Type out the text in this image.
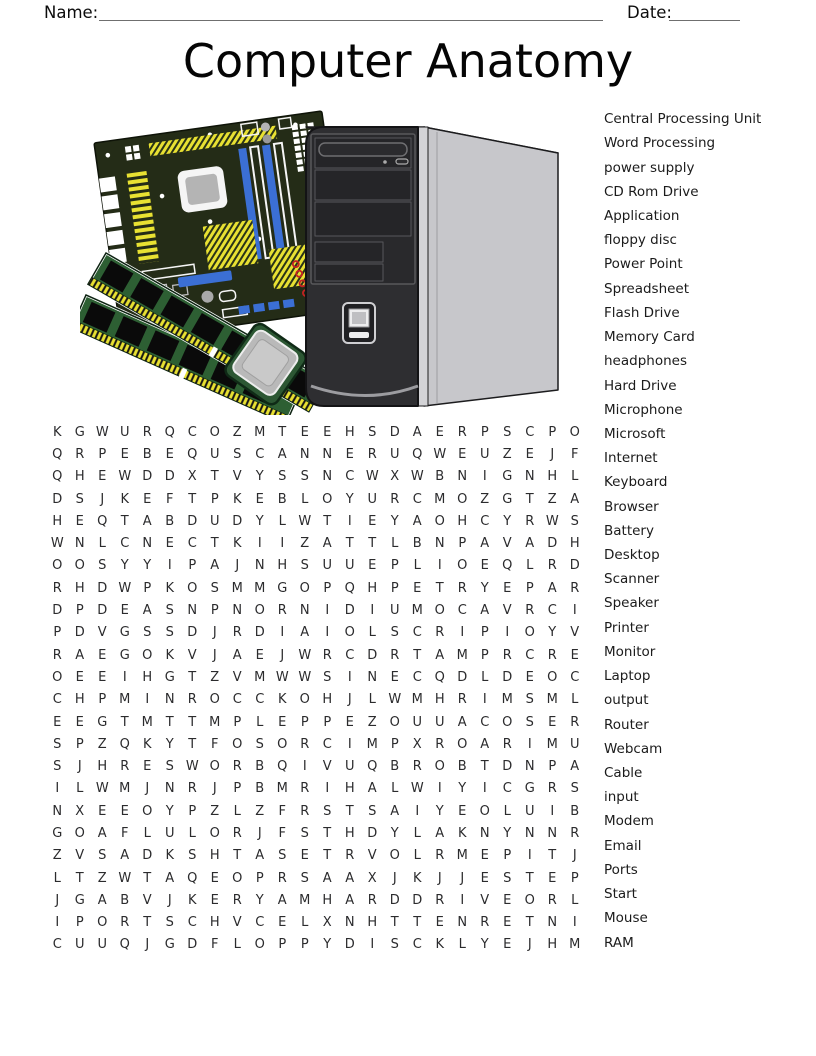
Name:	Date:
Computer Anatomy
K	G W U	R Q C O Z M T	E	E	H	S	D	A	E	R	P	S	C	P	O
Q R	P	E	B	E	Q U	S	C	A	N N	E	R	U Q W E	U	Z	E	J	F
Q H	E W D D	X	T	V	Y	S	S	N	C W X W B	N	I	G N H	L
D	S	J	K	E	F	T	P	K	E	B	L	O	Y	U	R	C M O Z	G	T	Z	A
H	E	Q	T	A	B	D U D	Y	L W T	I	E	Y	A O H	C	Y	R W S
W N	L	C	N	E	C	T	K	I	I	Z	A	T	T	L	B	N	P	A	V	A	D H
O O	S	Y	Y	I	P	A	J	N H	S	U U	E	P	L	I	O	E	Q	L	R D
R	H D W P	K	O	S M M G O	P	Q H	P	E	T	R	Y	E	P	A	R
D	P	D	E	A	S	N	P	N O R	N	I	D	I	U M O C	A	V	R	C	I
P	D	V	G	S	S	D	J	R D	I	A	I	O	L	S	C	R	I	P	I	O	Y	V
R	A	E	G O	K	V	J	A	E	J	W R	C D R	T	A M P	R	C	R	E
O	E	E	I	H G	T	Z	V M W W S	I	N	E	C Q D	L	D	E	O C
C	H	P M	I	N	R O C	C	K	O H	J	L W M H	R	I	M S M	L
E	E	G	T M T	T M P	L	E	P	P	E	Z O U U	A	C O	S	E	R
S	P	Z Q	K	Y	T	F	O	S	O R	C	I	M P	X	R O A	R	I	M U
S	J	H	R	E	S W O R	B Q	I	V	U Q B	R O B	T	D N	P	A
I	L W M	J	N	R	J	P	B M R	I	H	A	L W	I	Y	I	C G R	S
N	X	E	E	O	Y	P	Z	L	Z	F	R	S	T	S	A	I	Y	E	O	L	U	I	B
G O A	F	L	U	L	O R	J	F	S	T	H D	Y	L	A	K	N	Y	N N	R
Z	V	S	A	D	K	S	H	T	A	S	E	T	R	V O	L	R M E	P	I	T	J
L	T	Z W T	A Q	E	O	P	R	S	A	A	X	J	K	J	J	E	S	T	E	P
J	G	A	B	V	J	K	E	R	Y	A M H	A	R D D R	I	V	E	O R	L
I	P	O R	T	S	C	H	V	C	E	L	X	N H	T	T	E	N	R	E	T	N	I
C	U U Q	J	G D	F	L	O	P	P	Y	D	I	S	C	K	L	Y	E	J	H M
Central Processing Unit
Word Processing
power supply
CD Rom Drive
Application
floppy disc
Power Point
Spreadsheet
Flash Drive
Memory Card
headphones
Hard Drive
Microphone
Microsoft
Internet
Keyboard
Browser
Battery
Desktop
Scanner
Speaker
Printer
Monitor
Laptop
output
Router
Webcam
Cable
input
Modem
Email
Ports
Start
Mouse
RAM
